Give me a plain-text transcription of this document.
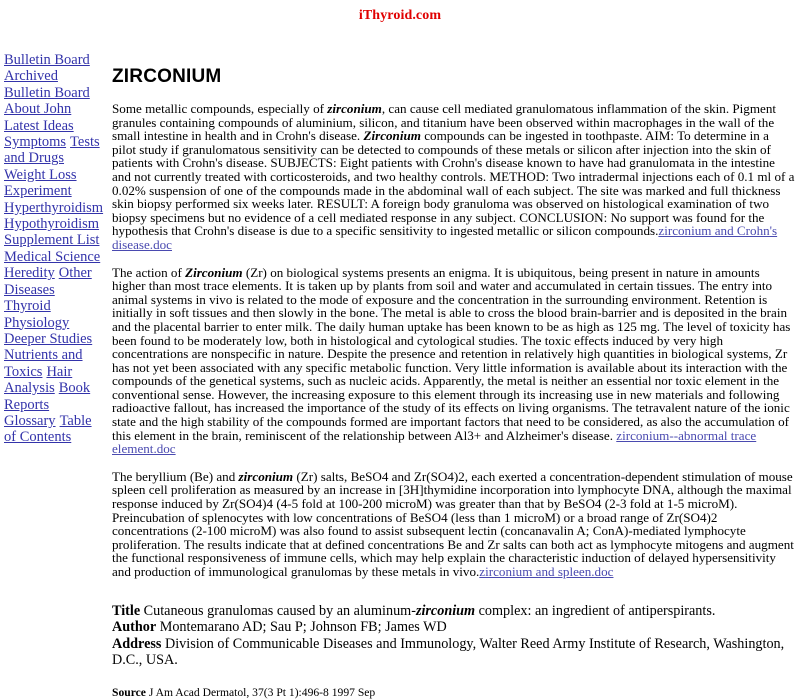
iThyroid.com
Bulletin Board Archived Bulletin Board About John Latest Ideas Symptoms Tests and Drugs Weight Loss Experiment Hyperthyroidism Hypothyroidism Supplement List Medical Science Heredity Other Diseases Thyroid Physiology Deeper Studies Nutrients and Toxics Hair Analysis Book Reports Glossary Table of Contents
ZIRCONIUM

Some metallic compounds, especially of zirconium, can cause cell mediated granulomatous inflammation of the skin. Pigment granules containing compounds of aluminium, silicon, and titanium have been observed within macrophages in the wall of the small intestine in health and in Crohn's disease. Zirconium compounds can be ingested in toothpaste. AIM: To determine in a pilot study if granulomatous sensitivity can be detected to compounds of these metals or silicon after injection into the skin of patients with Crohn's disease. SUBJECTS: Eight patients with Crohn's disease known to have had granulomata in the intestine and not currently treated with corticosteroids, and two healthy controls. METHOD: Two intradermal injections each of 0.1 ml of a 0.02% suspension of one of the compounds made in the abdominal wall of each subject. The site was marked and full thickness skin biopsy performed six weeks later. RESULT: A foreign body granuloma was observed on histological examination of two biopsy specimens but no evidence of a cell mediated response in any subject. CONCLUSION: No support was found for the hypothesis that Crohn's disease is due to a specific sensitivity to ingested metallic or silicon compounds.zirconium and Crohn's disease.doc

The action of Zirconium (Zr) on biological systems presents an enigma. It is ubiquitous, being present in nature in amounts higher than most trace elements. It is taken up by plants from soil and water and accumulated in certain tissues. The entry into animal systems in vivo is related to the mode of exposure and the concentration in the surrounding environment. Retention is initially in soft tissues and then slowly in the bone. The metal is able to cross the blood brain-barrier and is deposited in the brain and the placental barrier to enter milk. The daily human uptake has been known to be as high as 125 mg. The level of toxicity has been found to be moderately low, both in histological and cytological studies. The toxic effects induced by very high concentrations are nonspecific in nature. Despite the presence and retention in relatively high quantities in biological systems, Zr has not yet been associated with any specific metabolic function. Very little information is available about its interaction with the compounds of the genetical systems, such as nucleic acids. Apparently, the metal is neither an essential nor toxic element in the conventional sense. However, the increasing exposure to this element through its increasing use in new materials and following radioactive fallout, has increased the importance of the study of its effects on living organisms. The tetravalent nature of the ionic state and the high stability of the compounds formed are important factors that need to be considered, as also the accumulation of this element in the brain, reminiscent of the relationship between Al3+ and Alzheimer's disease. zirconium--abnormal trace element.doc

The beryllium (Be) and zirconium (Zr) salts, BeSO4 and Zr(SO4)2, each exerted a concentration-dependent stimulation of mouse spleen cell proliferation as measured by an increase in [3H]thymidine incorporation into lymphocyte DNA, although the maximal response induced by Zr(SO4)4 (4-5 fold at 100-200 microM) was greater than that by BeSO4 (2-3 fold at 1-5 microM). Preincubation of splenocytes with low concentrations of BeSO4 (less than 1 microM) or a broad range of Zr(SO4)2 concentrations (2-100 microM) was also found to assist subsequent lectin (concanavalin A; ConA)-mediated lymphocyte proliferation. The results indicate that at defined concentrations Be and Zr salts can both act as lymphocyte mitogens and augment the functional responsiveness of immune cells, which may help explain the characteristic induction of delayed hypersensitivity and production of immunological granulomas by these metals in vivo.zirconium and spleen.doc

Title Cutaneous granulomas caused by an aluminum-zirconium complex: an ingredient of antiperspirants.
Author Montemarano AD; Sau P; Johnson FB; James WD
Address Division of Communicable Diseases and Immunology, Walter Reed Army Institute of Research, Washington, D.C., USA.
Source J Am Acad Dermatol, 37(3 Pt 1):496-8 1997 Sep
